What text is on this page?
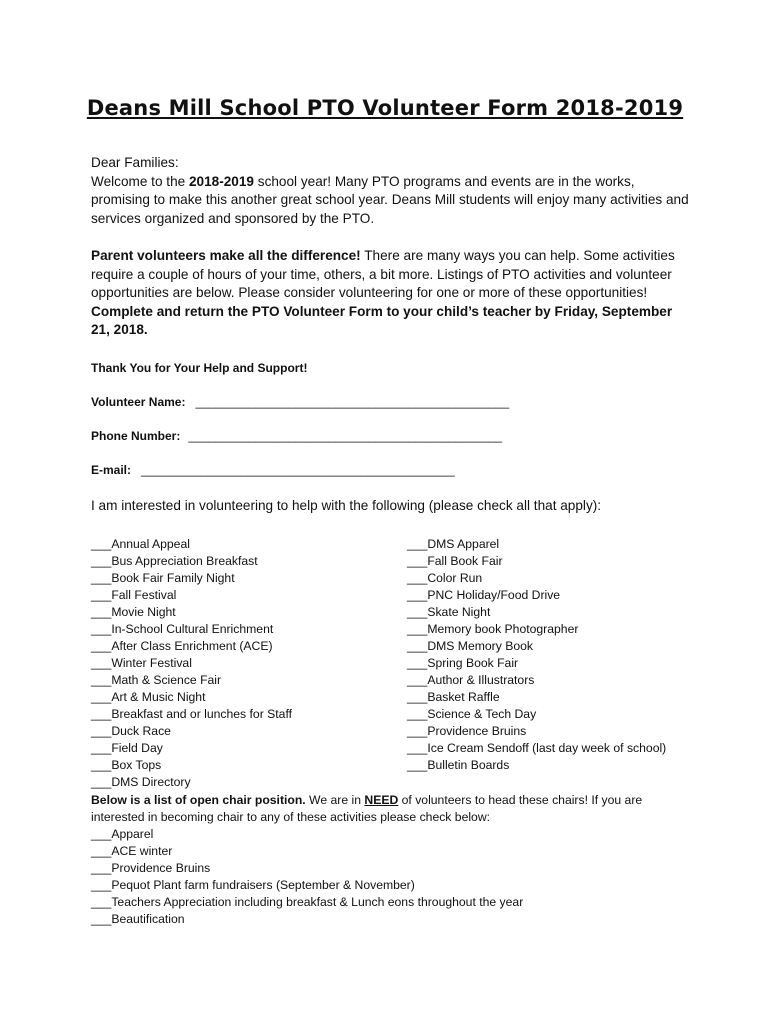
Deans Mill School PTO Volunteer Form 2018-2019
Dear Families:
Welcome to the 2018-2019 school year! Many PTO programs and events are in the works, promising to make this another great school year. Deans Mill students will enjoy many activities and services organized and sponsored by the PTO.
Parent volunteers make all the difference! There are many ways you can help. Some activities require a couple of hours of your time, others, a bit more. Listings of PTO activities and volunteer opportunities are below. Please consider volunteering for one or more of these opportunities! Complete and return the PTO Volunteer Form to your child’s teacher by Friday, September 21, 2018.
Thank You for Your Help and Support!
Volunteer Name: _______________________________________________
Phone Number: _______________________________________________
E-mail: _______________________________________________
I am interested in volunteering to help with the following (please check all that apply):
___Annual Appeal
___Bus Appreciation Breakfast
___Book Fair Family Night
___Fall Festival
___Movie Night
___In-School Cultural Enrichment
___After Class Enrichment (ACE)
___Winter Festival
___Math & Science Fair
___Art & Music Night
___Breakfast and or lunches for Staff
___Duck Race
___Field Day
___Box Tops
___DMS Directory
___DMS Apparel
___Fall Book Fair
___Color Run
___PNC Holiday/Food Drive
___Skate Night
___Memory book Photographer
___DMS Memory Book
___Spring Book Fair
___Author & Illustrators
___Basket Raffle
___Science & Tech Day
___Providence Bruins
___Ice Cream Sendoff (last day week of school)
___Bulletin Boards
Below is a list of open chair position. We are in NEED of volunteers to head these chairs! If you are interested in becoming chair to any of these activities please check below:
___Apparel
___ACE winter
___Providence Bruins
___Pequot Plant farm fundraisers (September & November)
___Teachers Appreciation including breakfast & Lunch eons throughout the year
___Beautification
